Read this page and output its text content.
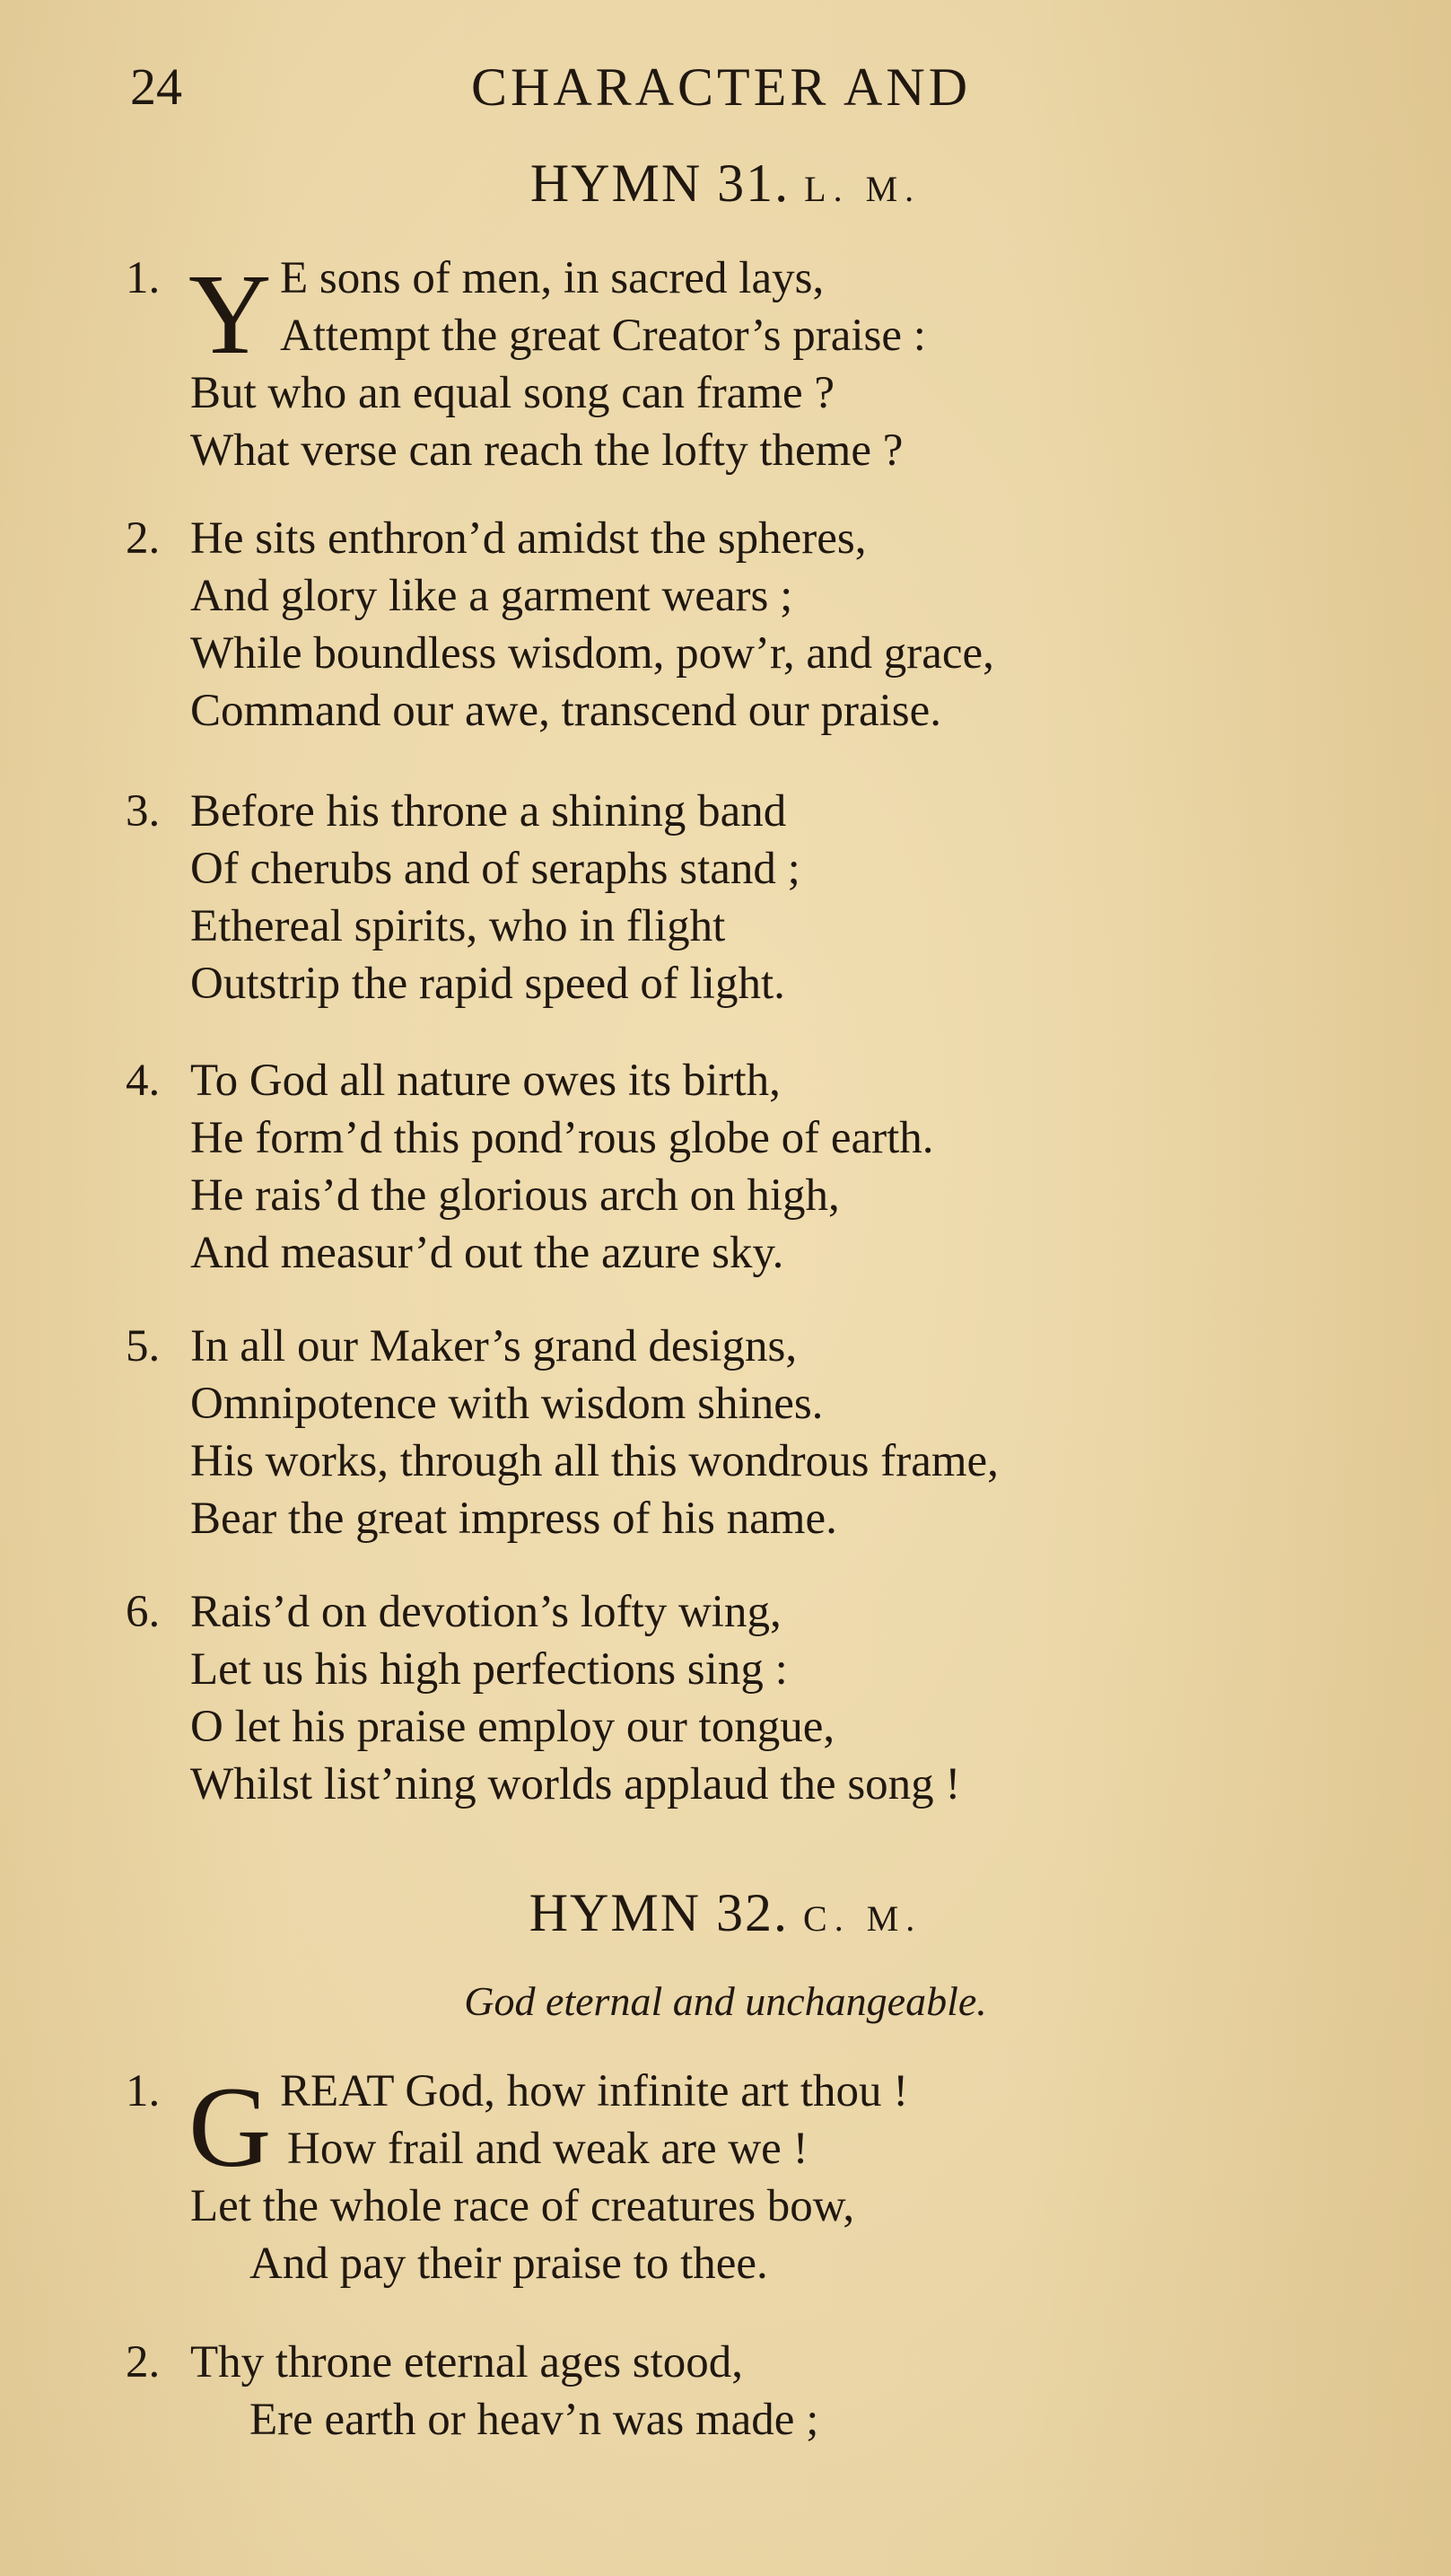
24	CHARACTER AND
HYMN 31. L. M.
Y
1.	E sons of men, in sacred lays,
Attempt the great Creator’s praise :
But who an equal song can frame ?
What verse can reach the lofty theme ?
2. He sits enthron’d amidst the spheres,
And glory like a garment wears ;
While boundless wisdom, pow’r, and grace,
Command our awe, transcend our praise.
3. Before his throne a shining band
Of cherubs and of seraphs stand ;
Ethereal spirits, who in flight
Outstrip the rapid speed of light.
4. To God all nature owes its birth,
He form’d this pond’rous globe of earth.
He rais’d the glorious arch on high,
And measur’d out the azure sky.
5. In all our Maker’s grand designs,
Omnipotence with wisdom shines.
His works, through all this wondrous frame,
Bear the great impress of his name.
6. Rais’d on devotion’s lofty wing,
Let us his high perfections sing :
O let his praise employ our tongue,
Whilst list’ning worlds applaud the song !
HYMN 32. C. M.
God eternal and unchangeable.
G
1.	REAT God, how infinite art thou !
How frail and weak are we !
Let the whole race of creatures bow,
And pay their praise to thee.
2. Thy throne eternal ages stood,
Ere earth or heav’n was made ;
